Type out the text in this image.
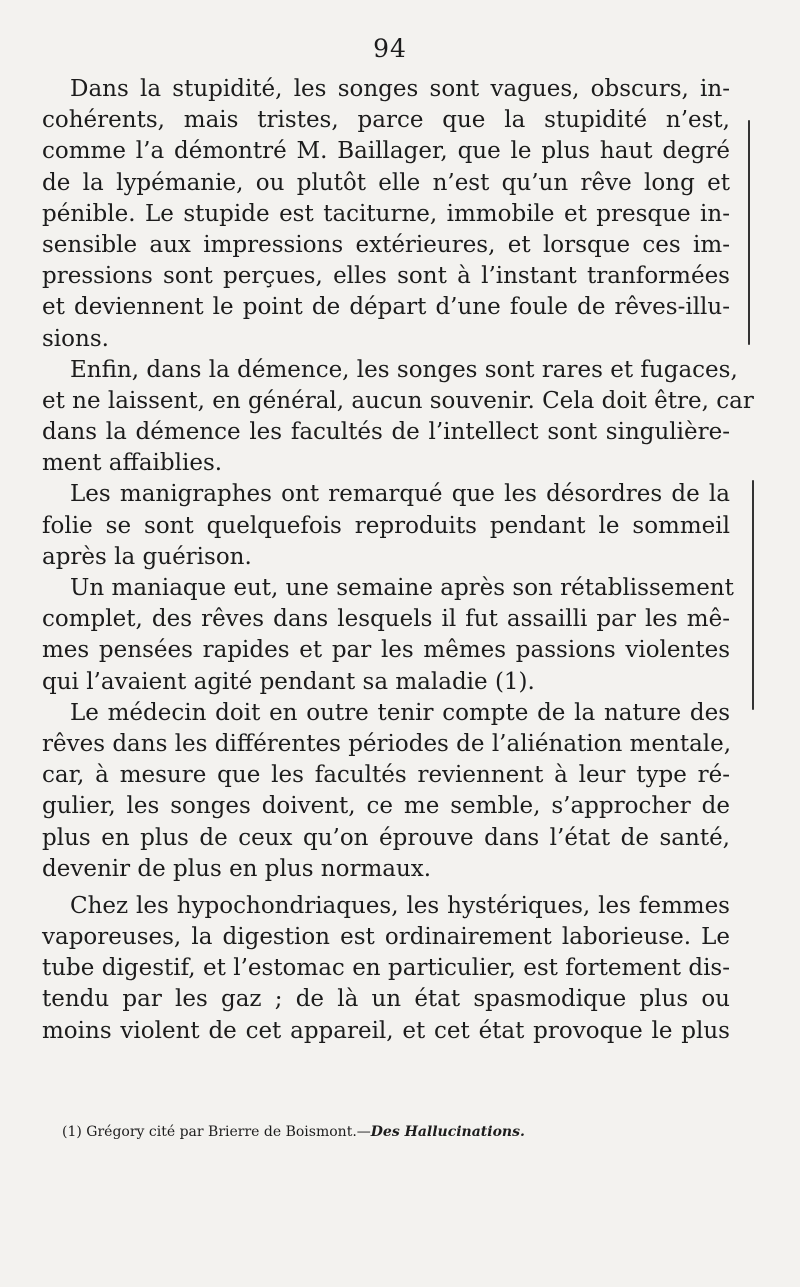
94

Dans la stupidité, les songes sont vagues, obscurs, in-

cohérents, mais tristes, parce que la stupidité n’est,

comme l’a démontré M. Baillager, que le plus haut degré

de la lypémanie, ou plutôt elle n’est qu’un rêve long et

pénible. Le stupide est taciturne, immobile et presque in-

sensible aux impressions extérieures, et lorsque ces im-

pressions sont perçues, elles sont à l’instant tranformées

et deviennent le point de départ d’une foule de rêves-illu-

sions.

Enfin, dans la démence, les songes sont rares et fugaces,

et ne laissent, en général, aucun souvenir. Cela doit être, car

dans la démence les facultés de l’intellect sont singulière-

ment affaiblies.

Les manigraphes ont remarqué que les désordres de la

folie se sont quelquefois reproduits pendant le sommeil

après la guérison.

Un maniaque eut, une semaine après son rétablissement

complet, des rêves dans lesquels il fut assailli par les mê-

mes pensées rapides et par les mêmes passions violentes

qui l’avaient agité pendant sa maladie (1).

Le médecin doit en outre tenir compte de la nature des

rêves dans les différentes périodes de l’aliénation mentale,

car, à mesure que les facultés reviennent à leur type ré-

gulier, les songes doivent, ce me semble, s’approcher de

plus en plus de ceux qu’on éprouve dans l’état de santé,

devenir de plus en plus normaux.

Chez les hypochondriaques, les hystériques, les femmes

vaporeuses, la digestion est ordinairement laborieuse. Le

tube digestif, et l’estomac en particulier, est fortement dis-

tendu par les gaz ; de là un état spasmodique plus ou

moins violent de cet appareil, et cet état provoque le plus

(1) Grégory cité par Brierre de Boismont.—Des Hallucinations.
